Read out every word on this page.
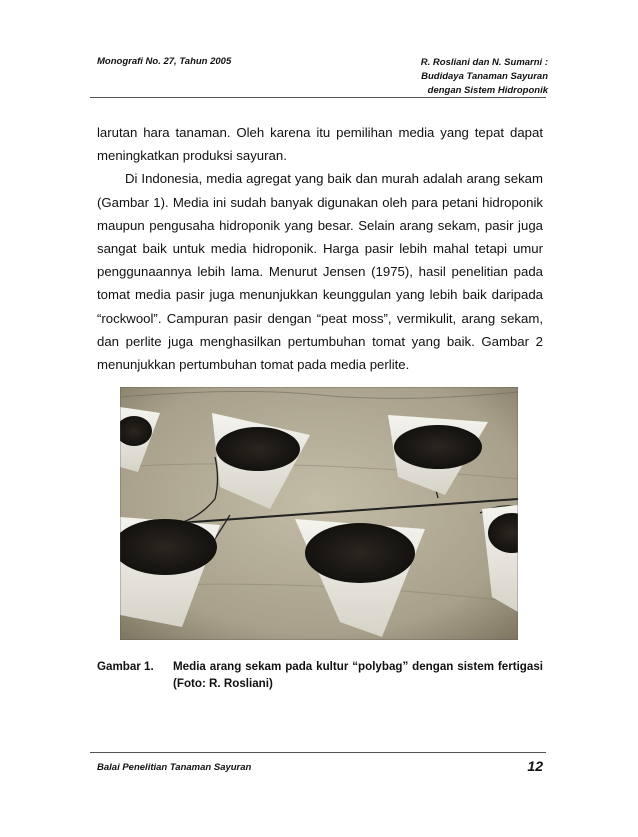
Monografi No. 27, Tahun 2005	R. Rosliani dan N. Sumarni :
Budidaya Tanaman Sayuran
dengan Sistem Hidroponik

larutan hara tanaman. Oleh karena itu pemilihan media yang tepat dapat meningkatkan produksi sayuran.

Di Indonesia, media agregat yang baik dan murah adalah arang sekam (Gambar 1). Media ini sudah banyak digunakan oleh para petani hidroponik maupun pengusaha hidroponik yang besar. Selain arang sekam, pasir juga sangat baik untuk media hidroponik. Harga pasir lebih mahal tetapi umur penggunaannya lebih lama. Menurut Jensen (1975), hasil penelitian pada tomat media pasir juga menunjukkan keunggulan yang lebih baik daripada “rockwool”. Campuran pasir dengan “peat moss”, vermikulit, arang sekam, dan perlite juga menghasilkan pertumbuhan tomat yang baik. Gambar 2 menunjukkan pertumbuhan tomat pada media perlite.

Gambar 1. Media arang sekam pada kultur “polybag” dengan sistem fertigasi (Foto: R. Rosliani)
Balai Penelitian Tanaman Sayuran	12
